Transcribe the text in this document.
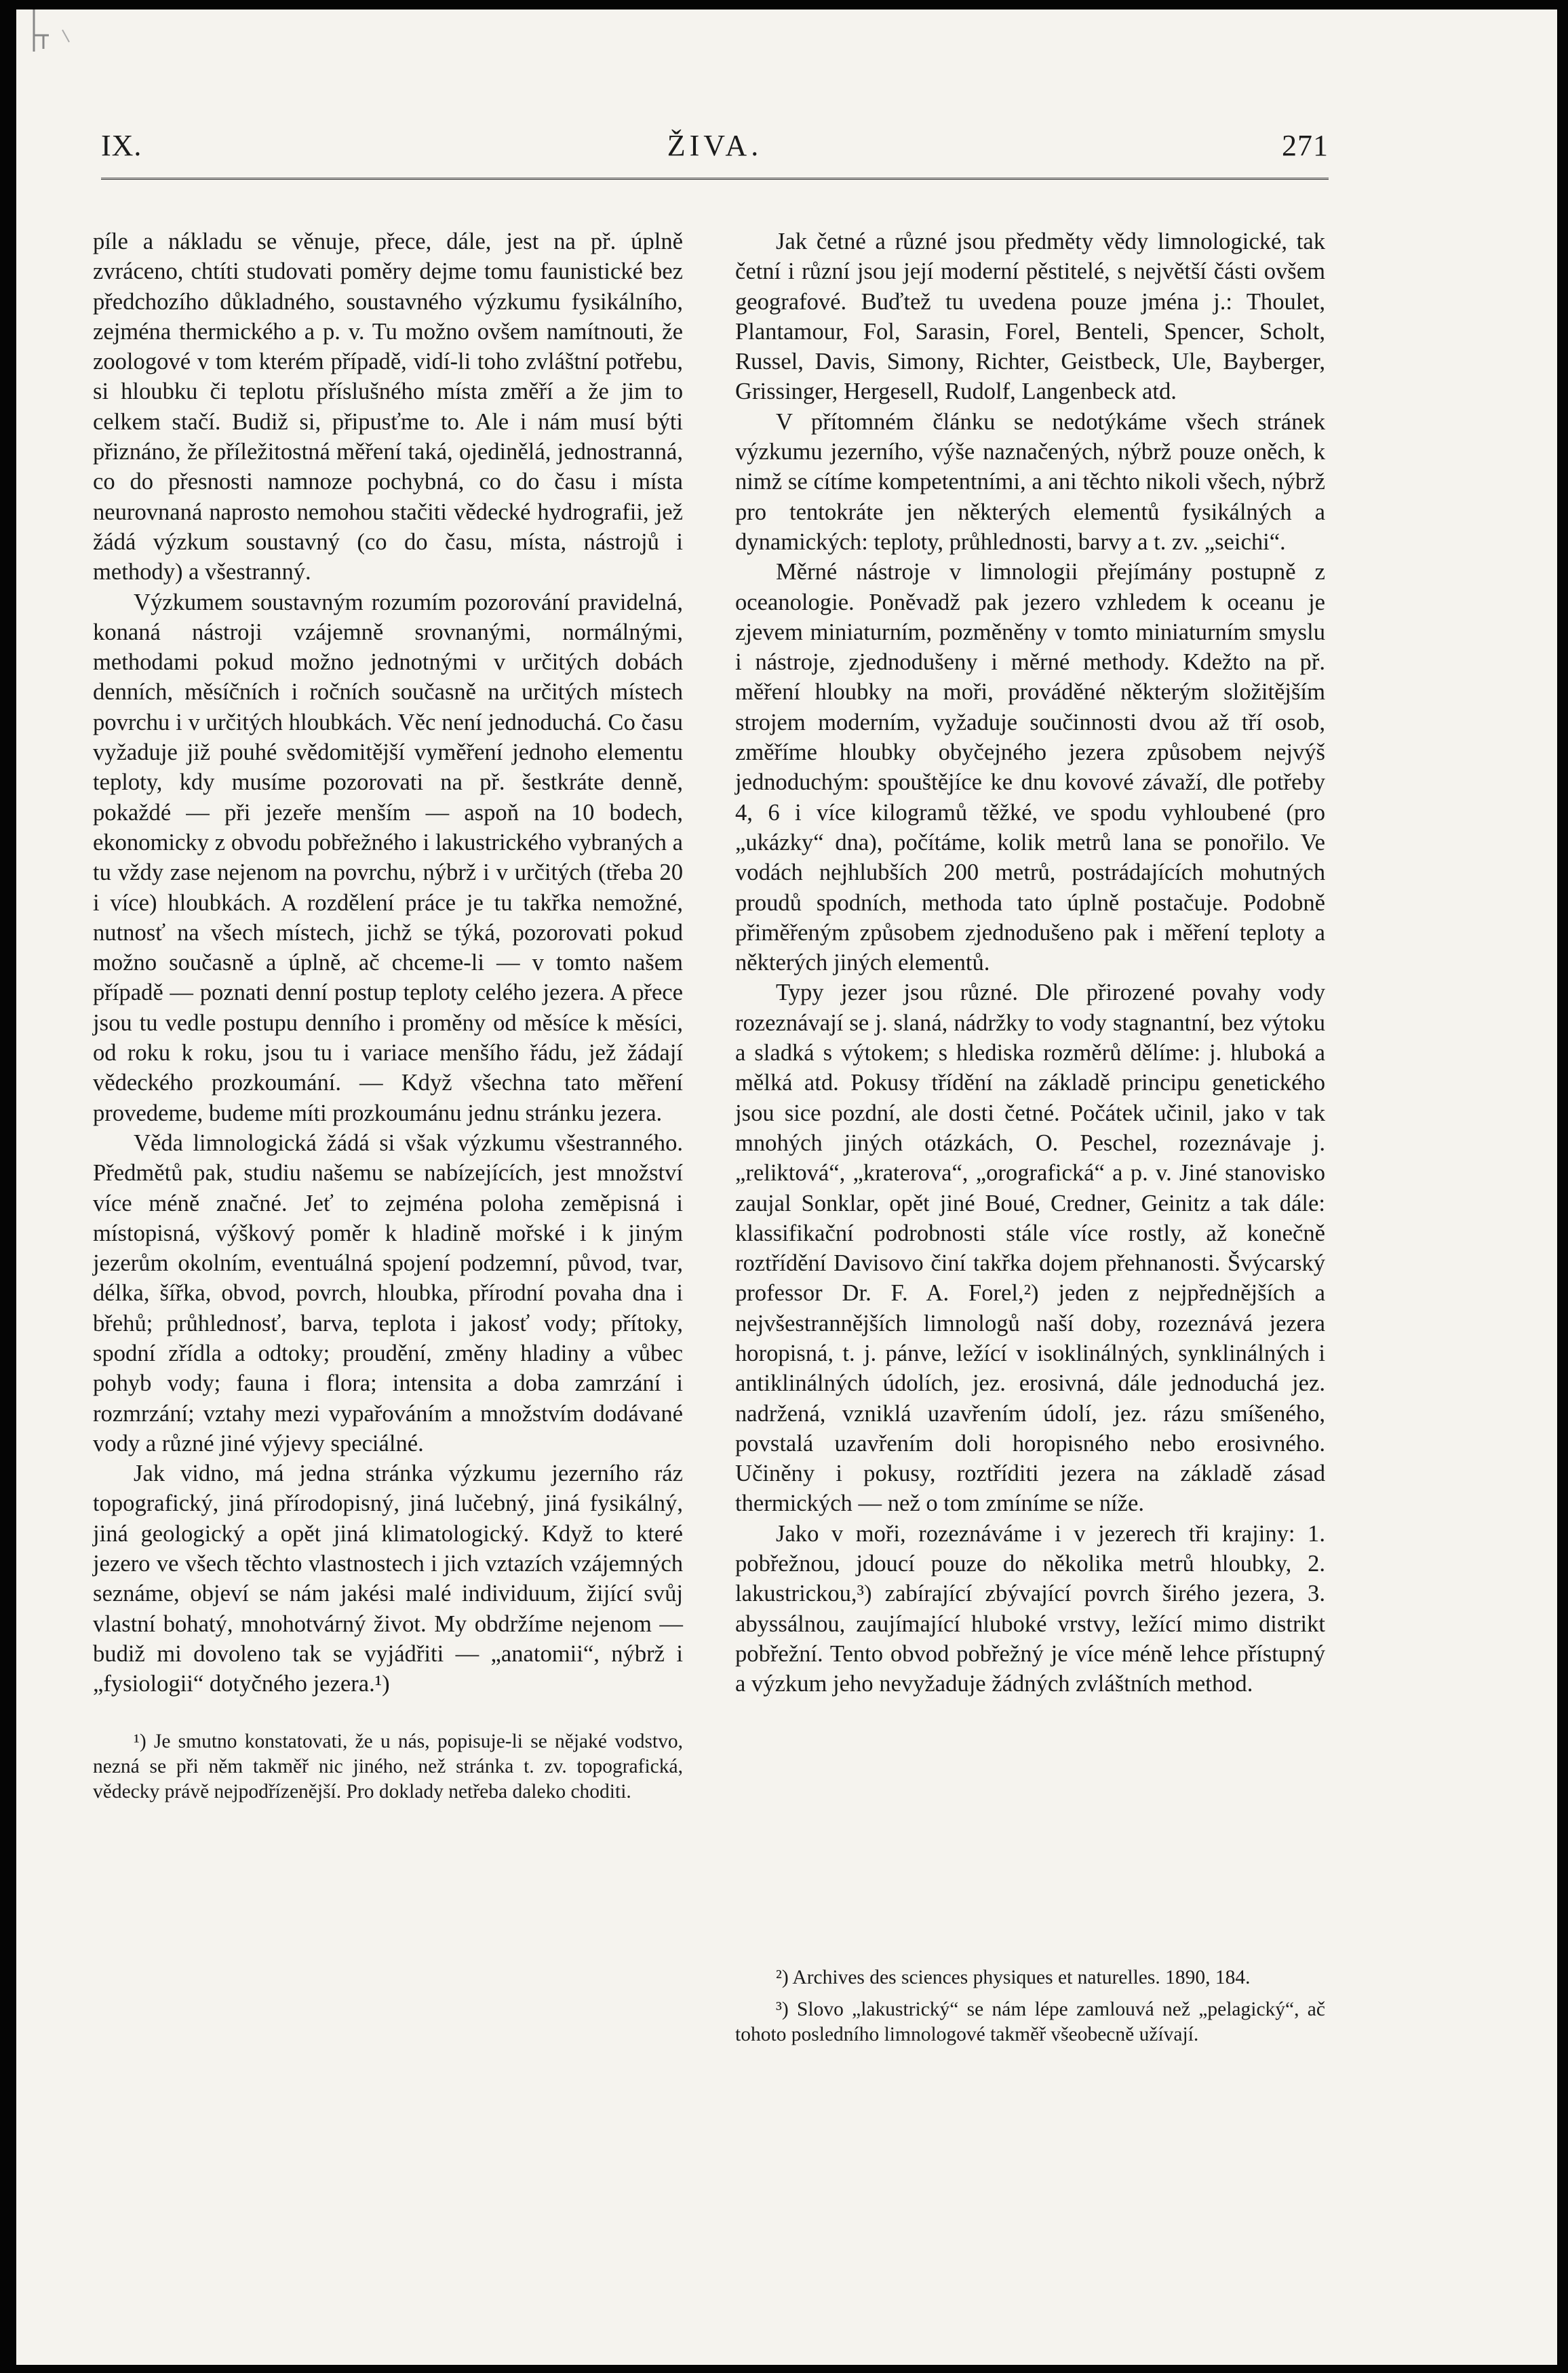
IX.	ŽIVA.	271

píle a nákladu se věnuje, přece, dále, jest na př. úplně zvráceno, chtíti studovati poměry dejme tomu faunistické bez předchozího důkladného, soustavného výzkumu fysikálního, zejména thermického a p. v. Tu možno ovšem namítnouti, že zoologové v tom kterém případě, vidí-li toho zvláštní potřebu, si hloubku či teplotu příslušného místa změří a že jim to celkem stačí. Budiž si, připusťme to. Ale i nám musí býti přiznáno, že příležitostná měření taká, ojedinělá, jednostranná, co do přesnosti namnoze pochybná, co do času i místa neurovnaná naprosto nemohou stačiti vědecké hydrografii, jež žádá výzkum soustavný (co do času, místa, nástrojů i methody) a všestranný.

Výzkumem soustavným rozumím pozorování pravidelná, konaná nástroji vzájemně srovnanými, normálnými, methodami pokud možno jednotnými v určitých dobách denních, měsíčních i ročních současně na určitých místech povrchu i v určitých hloubkách. Věc není jednoduchá. Co času vyžaduje již pouhé svědomitější vyměření jednoho elementu teploty, kdy musíme pozorovati na př. šestkráte denně, pokaždé — při jezeře menším — aspoň na 10 bodech, ekonomicky z obvodu pobřežného i lakustrického vybraných a tu vždy zase nejenom na povrchu, nýbrž i v určitých (třeba 20 i více) hloubkách. A rozdělení práce je tu takřka nemožné, nutnosť na všech místech, jichž se týká, pozorovati pokud možno současně a úplně, ač chceme-li — v tomto našem případě — poznati denní postup teploty celého jezera. A přece jsou tu vedle postupu denního i proměny od měsíce k měsíci, od roku k roku, jsou tu i variace menšího řádu, jež žádají vědeckého prozkoumání. — Když všechna tato měření provedeme, budeme míti prozkoumánu jednu stránku jezera.

Věda limnologická žádá si však výzkumu všestranného. Předmětů pak, studiu našemu se nabízejících, jest množství více méně značné. Jeť to zejména poloha zeměpisná i místopisná, výškový poměr k hladině mořské i k jiným jezerům okolním, eventuálná spojení podzemní, původ, tvar, délka, šířka, obvod, povrch, hloubka, přírodní povaha dna i břehů; průhlednosť, barva, teplota i jakosť vody; přítoky, spodní zřídla a odtoky; proudění, změny hladiny a vůbec pohyb vody; fauna i flora; intensita a doba zamrzání i rozmrzání; vztahy mezi vypařováním a množstvím dodávané vody a různé jiné výjevy speciálné.

Jak vidno, má jedna stránka výzkumu jezerního ráz topografický, jiná přírodopisný, jiná lučebný, jiná fysikálný, jiná geologický a opět jiná klimatologický. Když to které jezero ve všech těchto vlastnostech i jich vztazích vzájemných seznáme, objeví se nám jakési malé individuum, žijící svůj vlastní bohatý, mnohotvárný život. My obdržíme nejenom — budiž mi dovoleno tak se vyjádřiti — „anatomii“, nýbrž i „fysiologii“ dotyčného jezera.¹)

¹) Je smutno konstatovati, že u nás, popisuje-li se nějaké vodstvo, nezná se při něm takměř nic jiného, než stránka t. zv. topografická, vědecky právě nejpodřízenější. Pro doklady netřeba daleko choditi.

Jak četné a různé jsou předměty vědy limnologické, tak četní i různí jsou její moderní pěstitelé, s největší části ovšem geografové. Buďtež tu uvedena pouze jména j.: Thoulet, Plantamour, Fol, Sarasin, Forel, Benteli, Spencer, Scholt, Russel, Davis, Simony, Richter, Geistbeck, Ule, Bayberger, Grissinger, Hergesell, Rudolf, Langenbeck atd.

V přítomném článku se nedotýkáme všech stránek výzkumu jezerního, výše naznačených, nýbrž pouze oněch, k nimž se cítíme kompetentními, a ani těchto nikoli všech, nýbrž pro tentokráte jen některých elementů fysikálných a dynamických: teploty, průhlednosti, barvy a t. zv. „seichi“.

Měrné nástroje v limnologii přejímány postupně z oceanologie. Poněvadž pak jezero vzhledem k oceanu je zjevem miniaturním, pozměněny v tomto miniaturním smyslu i nástroje, zjednodušeny i měrné methody. Kdežto na př. měření hloubky na moři, prováděné některým složitějším strojem moderním, vyžaduje součinnosti dvou až tří osob, změříme hloubky obyčejného jezera způsobem nejvýš jednoduchým: spouštějíce ke dnu kovové závaží, dle potřeby 4, 6 i více kilogramů těžké, ve spodu vyhloubené (pro „ukázky“ dna), počítáme, kolik metrů lana se ponořilo. Ve vodách nejhlubších 200 metrů, postrádajících mohutných proudů spodních, methoda tato úplně postačuje. Podobně přiměřeným způsobem zjednodušeno pak i měření teploty a některých jiných elementů.

Typy jezer jsou různé. Dle přirozené povahy vody rozeznávají se j. slaná, nádržky to vody stagnantní, bez výtoku a sladká s výtokem; s hlediska rozměrů dělíme: j. hluboká a mělká atd. Pokusy třídění na základě principu genetického jsou sice pozdní, ale dosti četné. Počátek učinil, jako v tak mnohých jiných otázkách, O. Peschel, rozeznávaje j. „reliktová“, „kraterova“, „orografická“ a p. v. Jiné stanovisko zaujal Sonklar, opět jiné Boué, Credner, Geinitz a tak dále: klassifikační podrobnosti stále více rostly, až konečně roztřídění Davisovo činí takřka dojem přehnanosti. Švýcarský professor Dr. F. A. Forel,²) jeden z nejpřednějších a nejvšestrannějších limnologů naší doby, rozeznává jezera horopisná, t. j. pánve, ležící v isoklinálných, synklinálných i antiklinálných údolích, jez. erosivná, dále jednoduchá jez. nadržená, vzniklá uzavřením údolí, jez. rázu smíšeného, povstalá uzavřením doli horopisného nebo erosivného. Učiněny i pokusy, roztříditi jezera na základě zásad thermických — než o tom zmíníme se níže.

Jako v moři, rozeznáváme i v jezerech tři krajiny: 1. pobřežnou, jdoucí pouze do několika metrů hloubky, 2. lakustrickou,³) zabírající zbývající povrch širého jezera, 3. abyssálnou, zaujímající hluboké vrstvy, ležící mimo distrikt pobřežní. Tento obvod pobřežný je více méně lehce přístupný a výzkum jeho nevyžaduje žádných zvláštních method.

²) Archives des sciences physiques et naturelles. 1890, 184.

³) Slovo „lakustrický“ se nám lépe zamlouvá než „pelagický“, ač tohoto posledního limnologové takměř všeobecně užívají.
